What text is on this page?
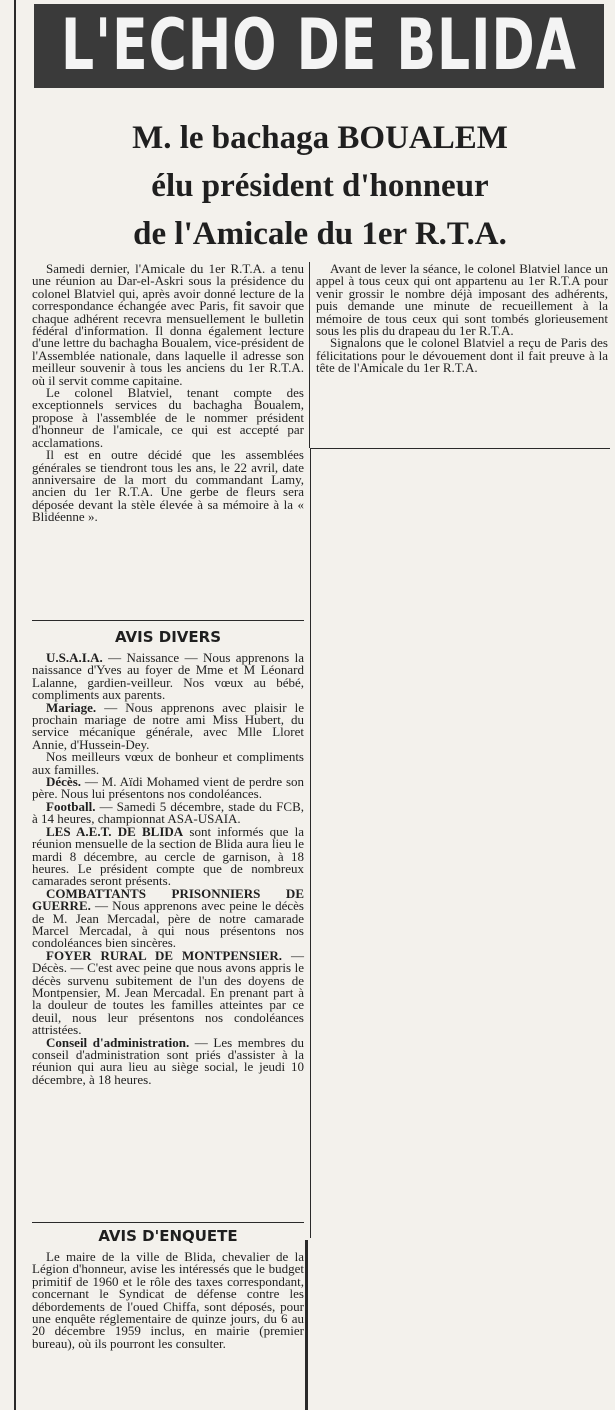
L'ECHO DE BLIDA
M. le bachaga BOUALEM
élu président d'honneur
de l'Amicale du 1er R.T.A.

Samedi dernier, l'Amicale du 1er R.T.A. a tenu une réunion au Dar-el-Askri sous la présidence du colonel Blatviel qui, après avoir donné lecture de la correspondance échangée avec Paris, fit savoir que chaque adhérent recevra mensuellement le bulletin fédéral d'information. Il donna également lecture d'une lettre du bachagha Boualem, vice-président de l'Assemblée nationale, dans laquelle il adresse son meilleur souvenir à tous les anciens du 1er R.T.A. où il servit comme capitaine.

Le colonel Blatviel, tenant compte des exceptionnels services du bachagha Boualem, propose à l'assemblée de le nommer président d'honneur de l'amicale, ce qui est accepté par acclamations.

Il est en outre décidé que les assemblées générales se tiendront tous les ans, le 22 avril, date anniversaire de la mort du commandant Lamy, ancien du 1er R.T.A. Une gerbe de fleurs sera déposée devant la stèle élevée à sa mémoire à la « Blidéenne ».

Avant de lever la séance, le colonel Blatviel lance un appel à tous ceux qui ont appartenu au 1er R.T.A pour venir grossir le nombre déjà imposant des adhérents, puis demande une minute de recueillement à la mémoire de tous ceux qui sont tombés glorieusement sous les plis du drapeau du 1er R.T.A.

Signalons que le colonel Blatviel a reçu de Paris des félicitations pour le dévouement dont il fait preuve à la tête de l'Amicale du 1er R.T.A.

AVIS DIVERS

U.S.A.I.A. — Naissance — Nous apprenons la naissance d'Yves au foyer de Mme et M Léonard Lalanne, gardien-veilleur. Nos vœux au bébé, compliments aux parents.

Mariage. — Nous apprenons avec plaisir le prochain mariage de notre ami Miss Hubert, du service mécanique générale, avec Mlle Lloret Annie, d'Hussein-Dey.

Nos meilleurs vœux de bonheur et compliments aux familles.

Décès. — M. Aïdi Mohamed vient de perdre son père. Nous lui présentons nos condoléances.

Football. — Samedi 5 décembre, stade du FCB, à 14 heures, championnat ASA-USAIA.

LES A.E.T. DE BLIDA sont informés que la réunion mensuelle de la section de Blida aura lieu le mardi 8 décembre, au cercle de garnison, à 18 heures. Le président compte que de nombreux camarades seront présents.

COMBATTANTS PRISONNIERS DE GUERRE. — Nous apprenons avec peine le décès de M. Jean Mercadal, père de notre camarade Marcel Mercadal, à qui nous présentons nos condoléances bien sincères.

FOYER RURAL DE MONTPENSIER. — Décès. — C'est avec peine que nous avons appris le décès survenu subitement de l'un des doyens de Montpensier, M. Jean Mercadal. En prenant part à la douleur de toutes les familles atteintes par ce deuil, nous leur présentons nos condoléances attristées.

Conseil d'administration. — Les membres du conseil d'administration sont priés d'assister à la réunion qui aura lieu au siège social, le jeudi 10 décembre, à 18 heures.

AVIS D'ENQUETE

Le maire de la ville de Blida, chevalier de la Légion d'honneur, avise les intéressés que le budget primitif de 1960 et le rôle des taxes correspondant, concernant le Syndicat de défense contre les débordements de l'oued Chiffa, sont déposés, pour une enquête réglementaire de quinze jours, du 6 au 20 décembre 1959 inclus, en mairie (premier bureau), où ils pourront les consulter.
